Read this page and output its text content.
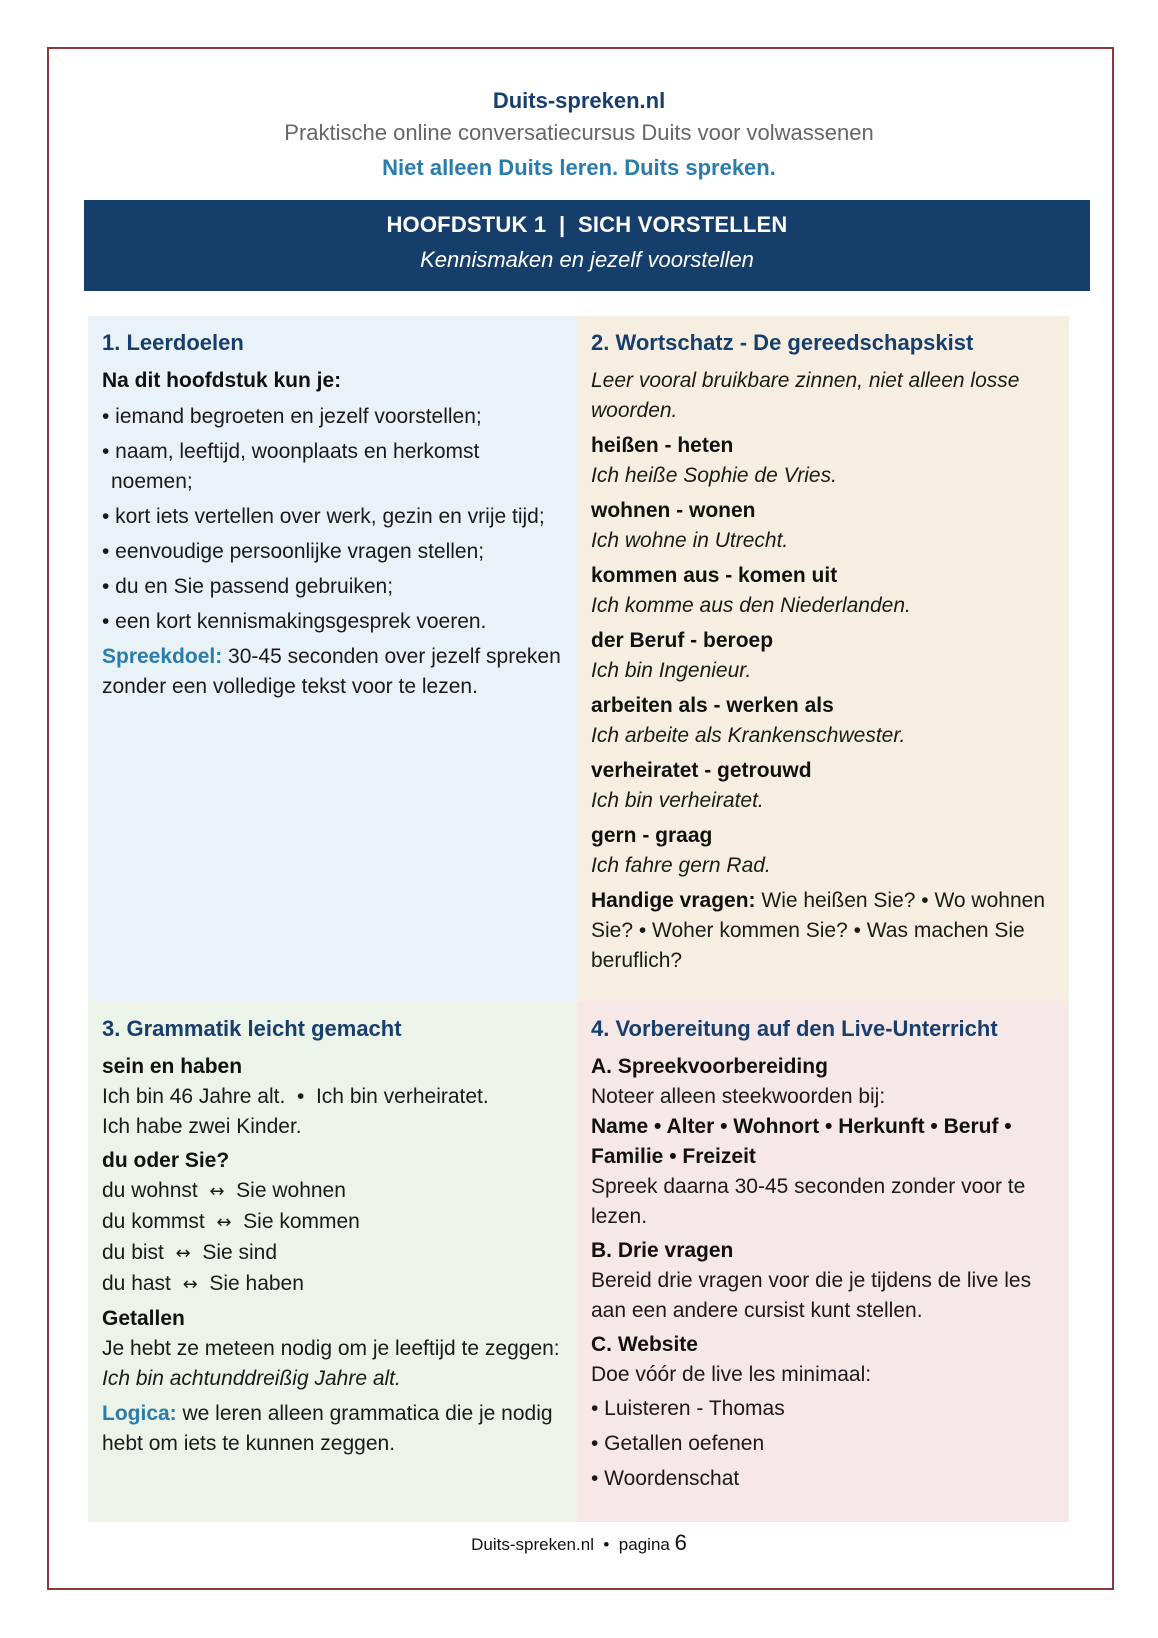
Duits-spreken.nl
Praktische online conversatiecursus Duits voor volwassenen
Niet alleen Duits leren. Duits spreken.
HOOFDSTUK 1  |  SICH VORSTELLEN
Kennismaken en jezelf voorstellen
1. Leerdoelen
Na dit hoofdstuk kun je:
• iemand begroeten en jezelf voorstellen;
• naam, leeftijd, woonplaats en herkomst noemen;
• kort iets vertellen over werk, gezin en vrije tijd;
• eenvoudige persoonlijke vragen stellen;
• du en Sie passend gebruiken;
• een kort kennismakingsgesprek voeren.
Spreekdoel: 30-45 seconden over jezelf spreken zonder een volledige tekst voor te lezen.
2. Wortschatz - De gereedschapskist
Leer vooral bruikbare zinnen, niet alleen losse woorden.
heißen - heten
Ich heiße Sophie de Vries.
wohnen - wonen
Ich wohne in Utrecht.
kommen aus - komen uit
Ich komme aus den Niederlanden.
der Beruf - beroep
Ich bin Ingenieur.
arbeiten als - werken als
Ich arbeite als Krankenschwester.
verheiratet - getrouwd
Ich bin verheiratet.
gern - graag
Ich fahre gern Rad.
Handige vragen: Wie heißen Sie? • Wo wohnen Sie? • Woher kommen Sie? • Was machen Sie beruflich?
3. Grammatik leicht gemacht
sein en haben
Ich bin 46 Jahre alt.  •  Ich bin verheiratet.
Ich habe zwei Kinder.
du oder Sie?
du wohnst ↔ Sie wohnen
du kommst ↔ Sie kommen
du bist ↔ Sie sind
du hast ↔ Sie haben
Getallen
Je hebt ze meteen nodig om je leeftijd te zeggen:
Ich bin achtunddreißig Jahre alt.
Logica: we leren alleen grammatica die je nodig hebt om iets te kunnen zeggen.
4. Vorbereitung auf den Live-Unterricht
A. Spreekvoorbereiding
Noteer alleen steekwoorden bij:
Name • Alter • Wohnort • Herkunft • Beruf • Familie • Freizeit
Spreek daarna 30-45 seconden zonder voor te lezen.
B. Drie vragen
Bereid drie vragen voor die je tijdens de live les aan een andere cursist kunt stellen.
C. Website
Doe vóór de live les minimaal:
• Luisteren - Thomas
• Getallen oefenen
• Woordenschat
Duits-spreken.nl  •  pagina 6
